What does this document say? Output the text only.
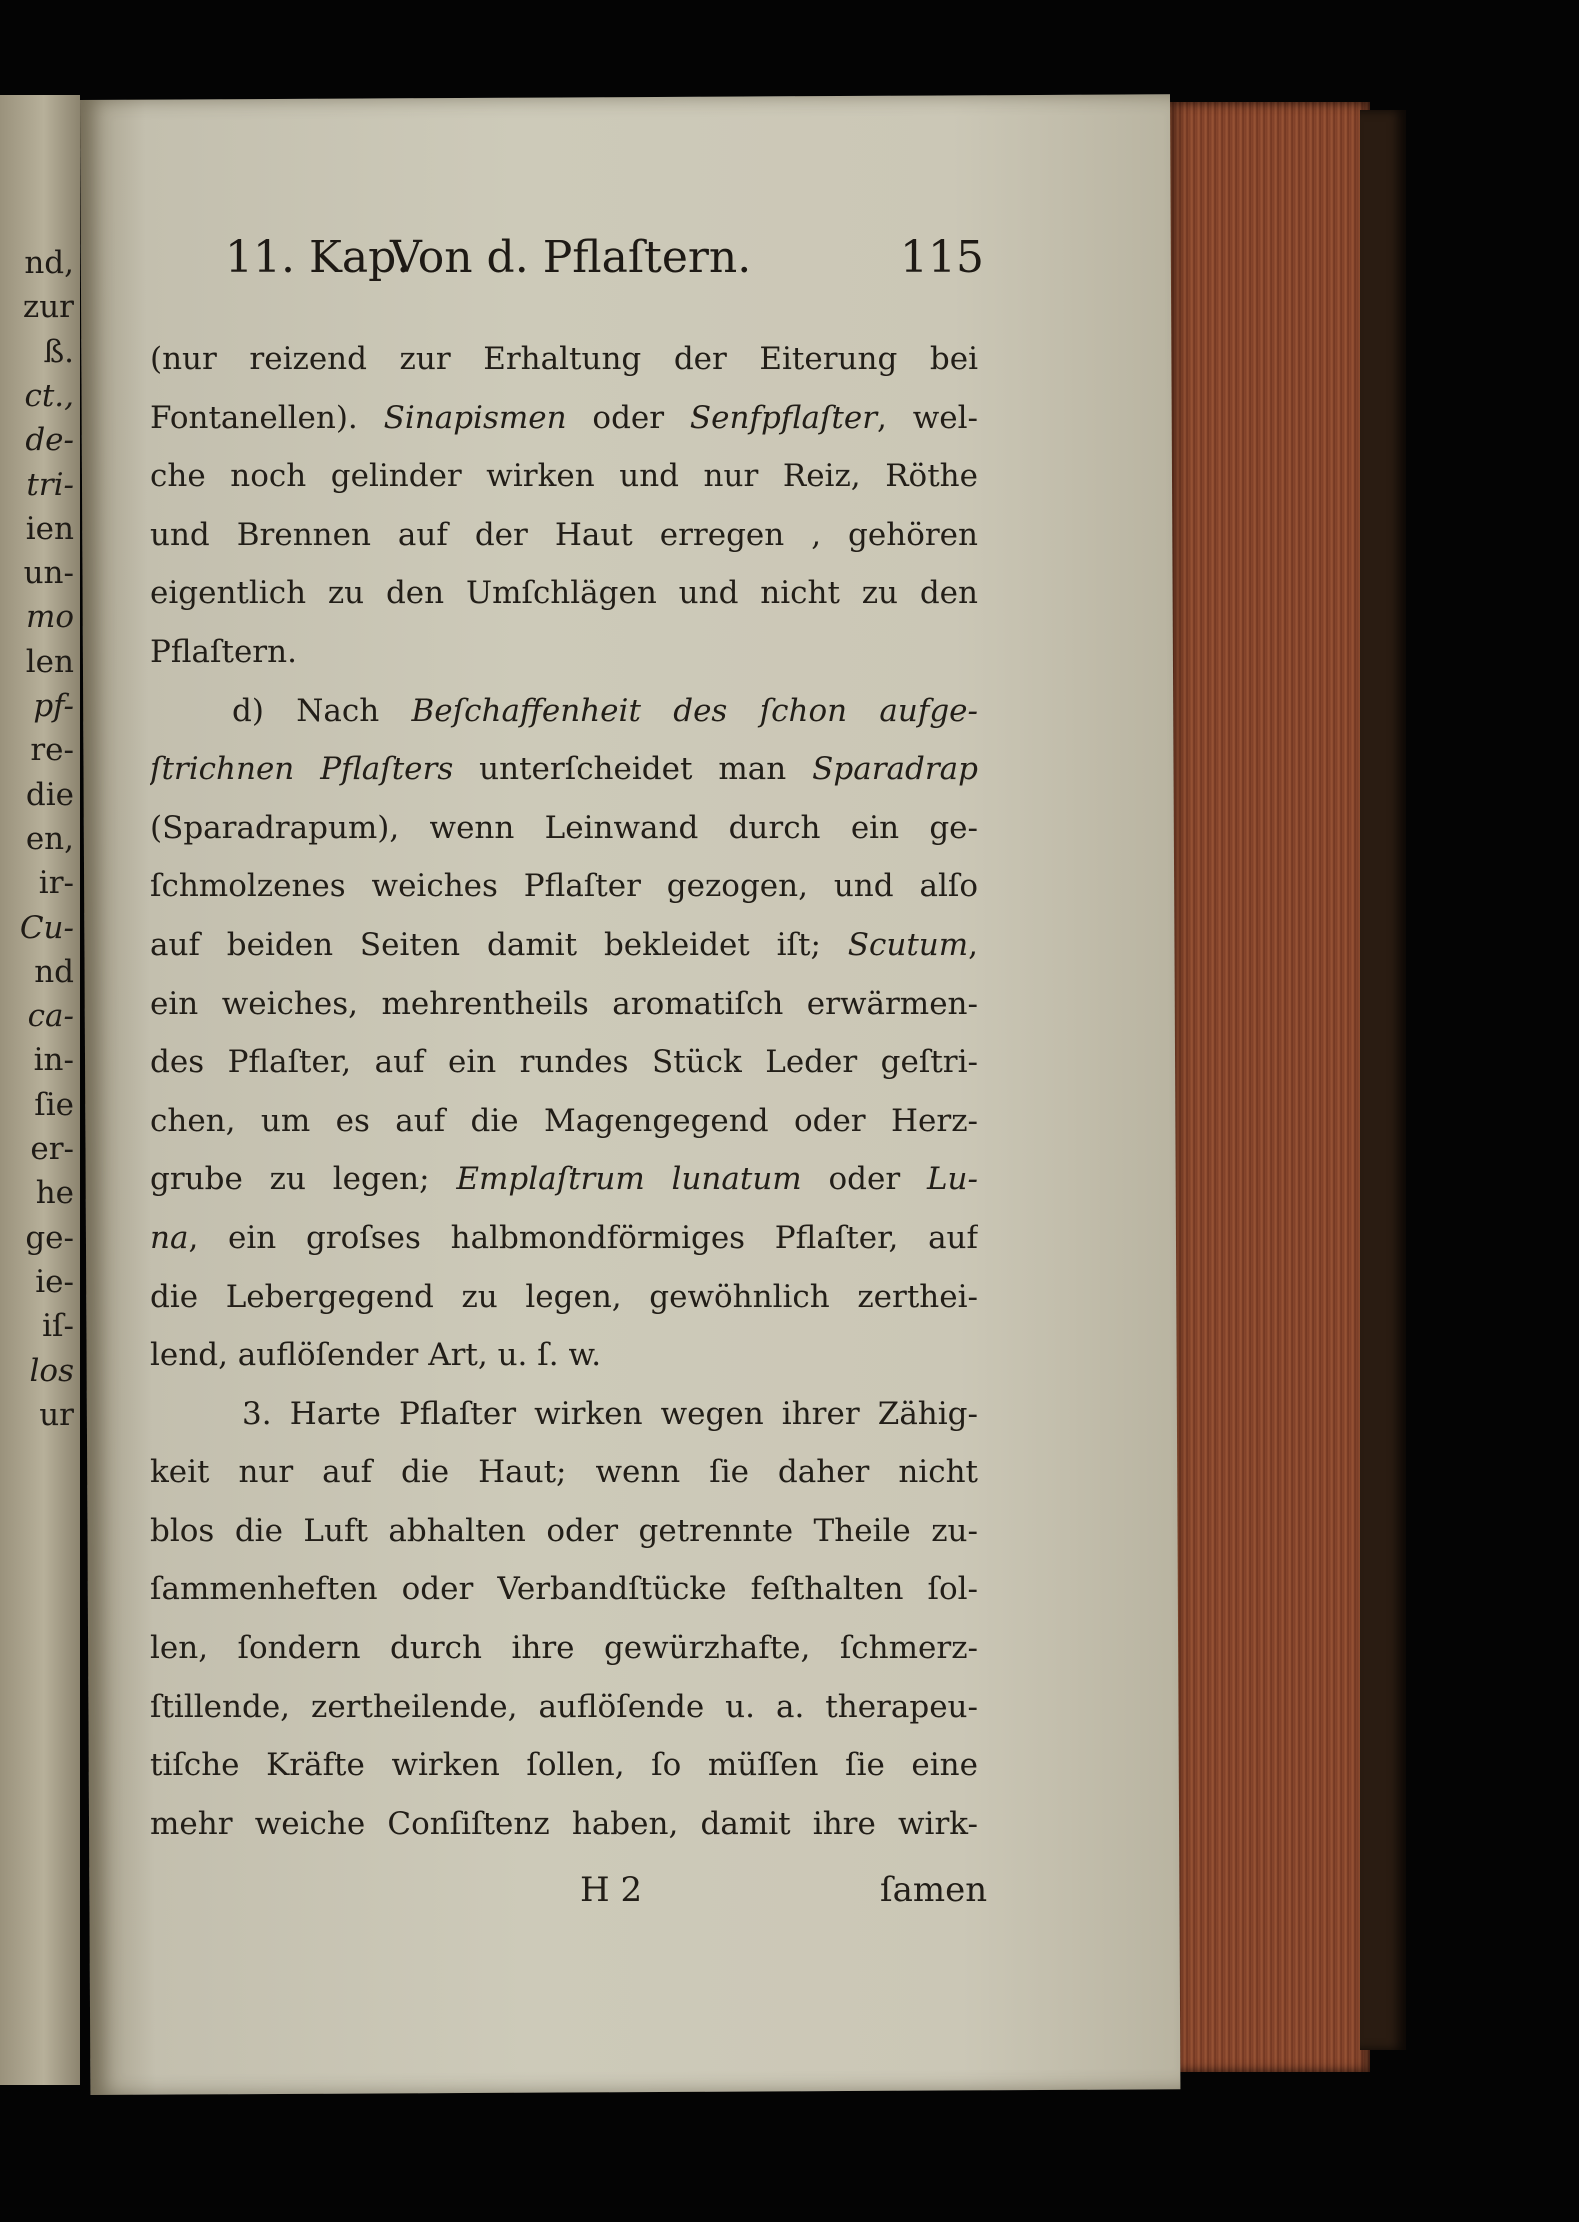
nd,
zur
ß.
ct.,
de-
tri-
ien
un-
mo
len
pf-
re-
die
en,
ir-
Cu-
nd
ca-
in-
ſie
er-
he
ge-
ie-
iſ-
los
ur
11. Kap.
Von d. Pflaſtern.	115
(nur reizend zur Erhaltung der Eiterung bei
Fontanellen). Sinapismen oder Senfpflaſter, wel-
che noch gelinder wirken und nur Reiz, Röthe
und Brennen auf der Haut erregen , gehören
eigentlich zu den Umſchlägen und nicht zu den
Pflaſtern.
d) Nach Beſchaffenheit des ſchon aufge-
ſtrichnen Pflaſters unterſcheidet man Sparadrap
(Sparadrapum), wenn Leinwand durch ein ge-
ſchmolzenes weiches Pflaſter gezogen, und alſo
auf beiden Seiten damit bekleidet iſt; Scutum,
ein weiches, mehrentheils aromatiſch erwärmen-
des Pflaſter, auf ein rundes Stück Leder geſtri-
chen, um es auf die Magengegend oder Herz-
grube zu legen; Emplaſtrum lunatum oder Lu-
na, ein groſses halbmondförmiges Pflaſter, auf
die Lebergegend zu legen, gewöhnlich zerthei-
lend, auflöſender Art, u. ſ. w.
3. Harte Pflaſter wirken wegen ihrer Zähig-
keit nur auf die Haut; wenn ſie daher nicht
blos die Luft abhalten oder getrennte Theile zu-
ſammenheften oder Verbandſtücke feſthalten ſol-
len, ſondern durch ihre gewürzhafte, ſchmerz-
ſtillende, zertheilende, auflöſende u. a. therapeu-
tiſche Kräfte wirken ſollen, ſo müſſen ſie eine
mehr weiche Conſiſtenz haben, damit ihre wirk-
H 2	ſamen
